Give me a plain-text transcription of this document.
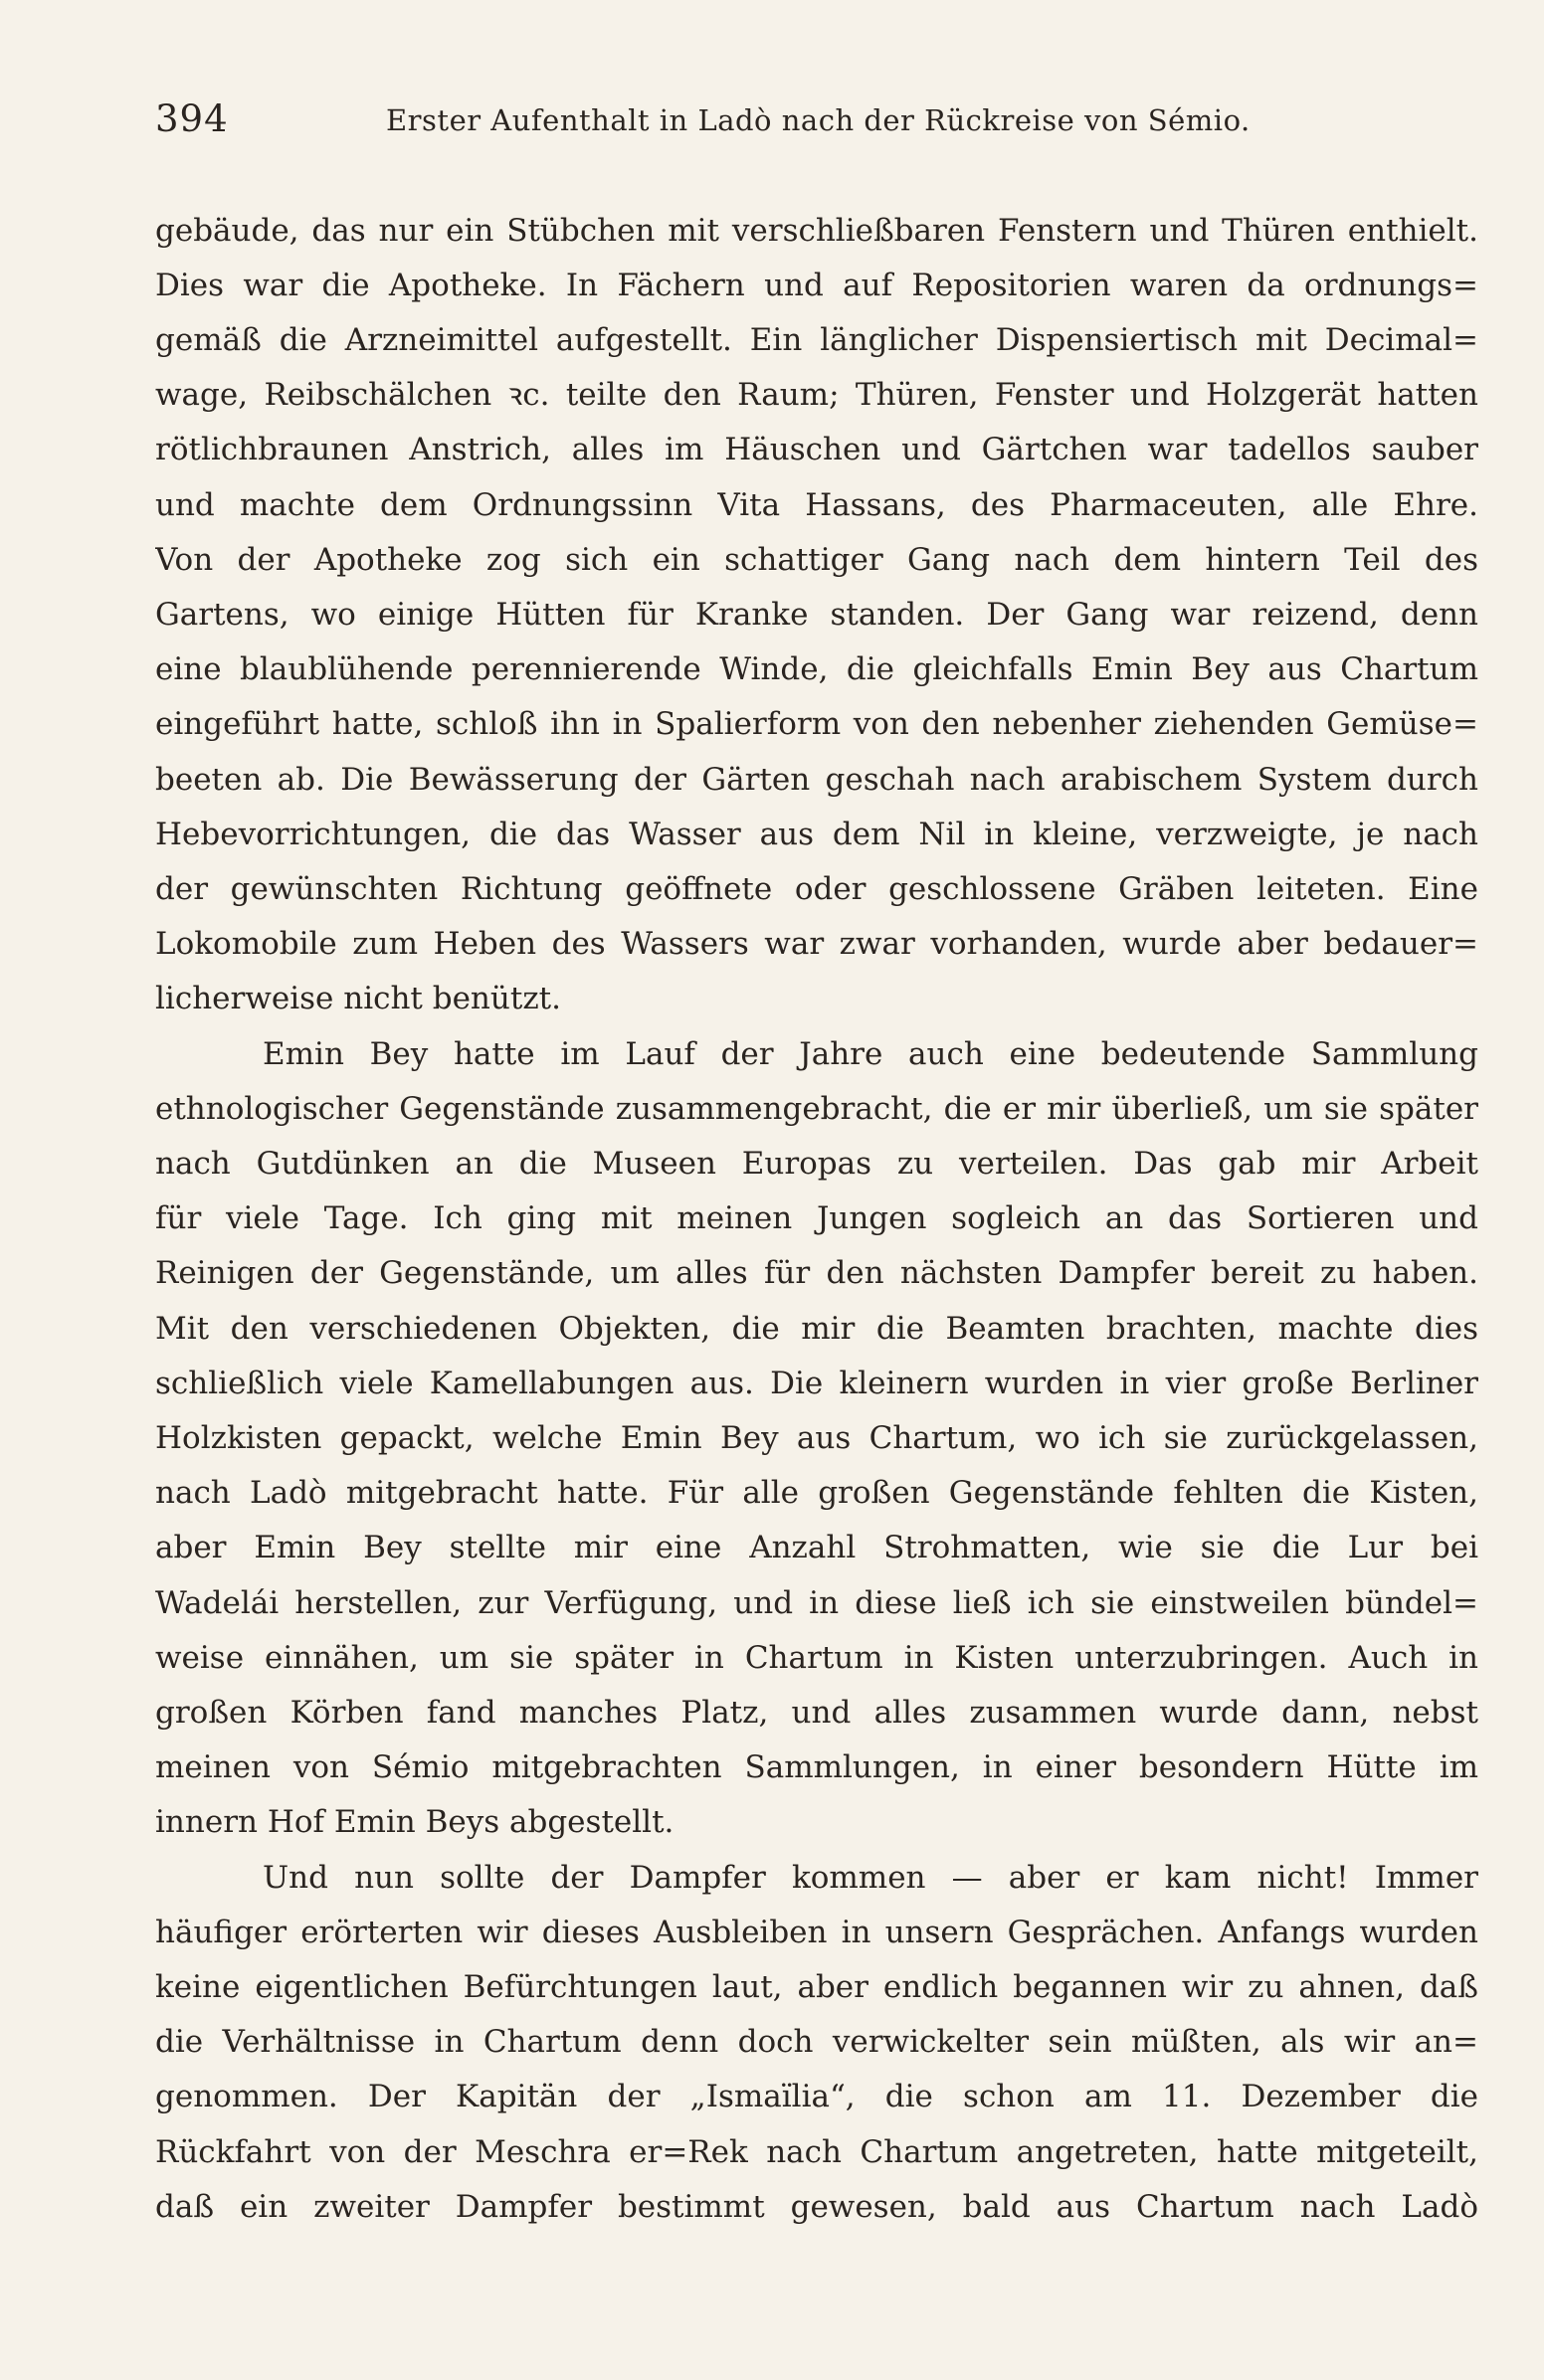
394	Erster Aufenthalt in Ladò nach der Rückreise von Sémio.
gebäude, das nur ein Stübchen mit verschließbaren Fenstern und Thüren enthielt.
Dies war die Apotheke. In Fächern und auf Repositorien waren da ordnungs=
gemäß die Arzneimittel aufgestellt. Ein länglicher Dispensiertisch mit Decimal=
wage, Reibschälchen ꝛc. teilte den Raum; Thüren, Fenster und Holzgerät hatten
rötlichbraunen Anstrich, alles im Häuschen und Gärtchen war tadellos sauber
und machte dem Ordnungssinn Vita Hassans, des Pharmaceuten, alle Ehre.
Von der Apotheke zog sich ein schattiger Gang nach dem hintern Teil des
Gartens, wo einige Hütten für Kranke standen. Der Gang war reizend, denn
eine blaublühende perennierende Winde, die gleichfalls Emin Bey aus Chartum
eingeführt hatte, schloß ihn in Spalierform von den nebenher ziehenden Gemüse=
beeten ab. Die Bewässerung der Gärten geschah nach arabischem System durch
Hebevorrichtungen, die das Wasser aus dem Nil in kleine, verzweigte, je nach
der gewünschten Richtung geöffnete oder geschlossene Gräben leiteten. Eine
Lokomobile zum Heben des Wassers war zwar vorhanden, wurde aber bedauer=
licherweise nicht benützt.
Emin Bey hatte im Lauf der Jahre auch eine bedeutende Sammlung
ethnologischer Gegenstände zusammengebracht, die er mir überließ, um sie später
nach Gutdünken an die Museen Europas zu verteilen. Das gab mir Arbeit
für viele Tage. Ich ging mit meinen Jungen sogleich an das Sortieren und
Reinigen der Gegenstände, um alles für den nächsten Dampfer bereit zu haben.
Mit den verschiedenen Objekten, die mir die Beamten brachten, machte dies
schließlich viele Kamellabungen aus. Die kleinern wurden in vier große Berliner
Holzkisten gepackt, welche Emin Bey aus Chartum, wo ich sie zurückgelassen,
nach Ladò mitgebracht hatte. Für alle großen Gegenstände fehlten die Kisten,
aber Emin Bey stellte mir eine Anzahl Strohmatten, wie sie die Lur bei
Wadelái herstellen, zur Verfügung, und in diese ließ ich sie einstweilen bündel=
weise einnähen, um sie später in Chartum in Kisten unterzubringen. Auch in
großen Körben fand manches Platz, und alles zusammen wurde dann, nebst
meinen von Sémio mitgebrachten Sammlungen, in einer besondern Hütte im
innern Hof Emin Beys abgestellt.
Und nun sollte der Dampfer kommen — aber er kam nicht! Immer
häufiger erörterten wir dieses Ausbleiben in unsern Gesprächen. Anfangs wurden
keine eigentlichen Befürchtungen laut, aber endlich begannen wir zu ahnen, daß
die Verhältnisse in Chartum denn doch verwickelter sein müßten, als wir an=
genommen. Der Kapitän der „Ismaïlia“, die schon am 11. Dezember die
Rückfahrt von der Meschra er=Rek nach Chartum angetreten, hatte mitgeteilt,
daß ein zweiter Dampfer bestimmt gewesen, bald aus Chartum nach Ladò
